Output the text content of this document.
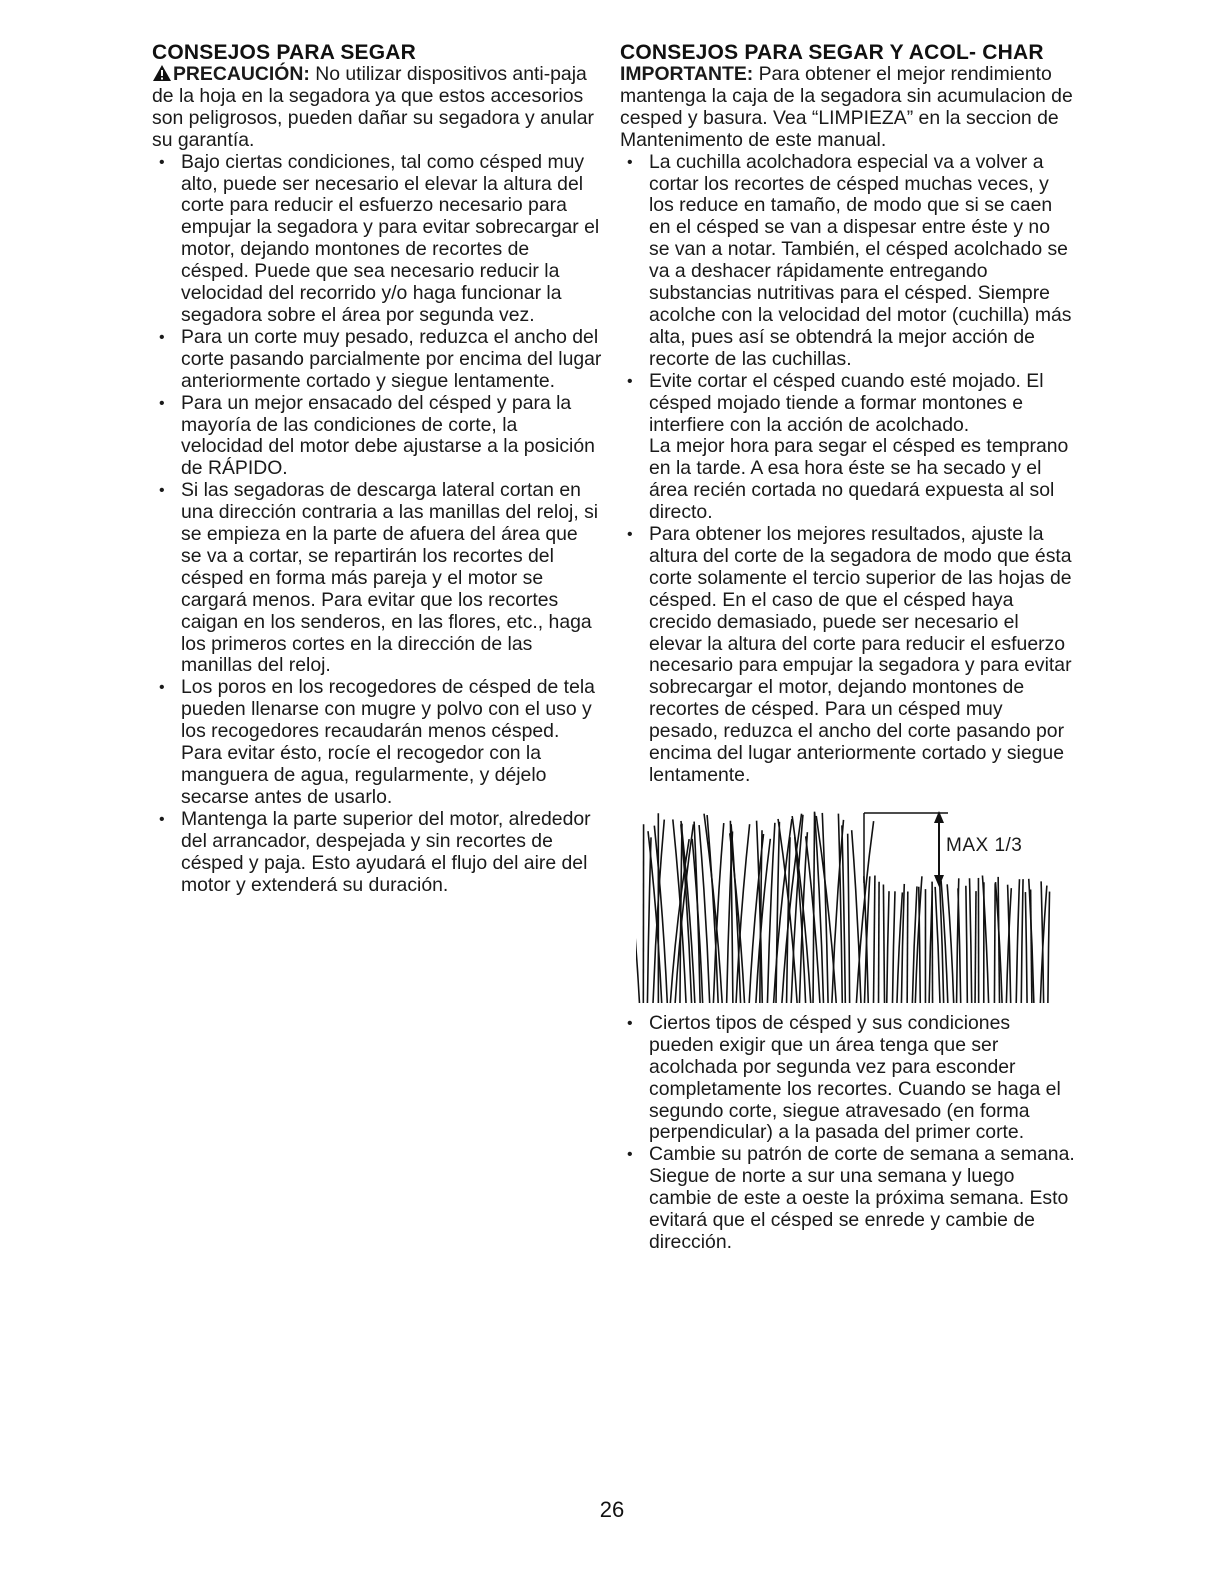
CONSEJOS PARA SEGAR

PRECAUCIÓN: No utilizar dispositivos anti-paja de la hoja en la segadora ya que estos accesorios son peligrosos, pueden dañar su segadora y anular su garantía.

• Bajo ciertas condiciones, tal como césped muy alto, puede ser necesario el elevar la altura del corte para reducir el esfuerzo necesario para empujar la segadora y para evitar sobrecargar el motor, dejando montones de recortes de césped. Puede que sea necesario reducir la velocidad del recorrido y/o haga funcionar la segadora sobre el área por segunda vez.
• Para un corte muy pesado, reduzca el ancho del corte pasando parcialmente por encima del lugar anteriormente cortado y siegue lentamente.
• Para un mejor ensacado del césped y para la mayoría de las condiciones de corte, la velocidad del motor debe ajustarse a la posición de RÁPIDO.
• Si las segadoras de descarga lateral cortan en una dirección contraria a las manillas del reloj, si se empieza en la parte de afuera del área que se va a cortar, se repartirán los recortes del césped en forma más pareja y el motor se cargará menos. Para evitar que los recortes caigan en los senderos, en las flores, etc., haga los primeros cortes en la dirección de las manillas del reloj.
• Los poros en los recogedores de césped de tela pueden llenarse con mugre y polvo con el uso y los recogedores recaudarán menos césped. Para evitar ésto, rocíe el recogedor con la manguera de agua, regularmente, y déjelo secarse antes de usarlo.
• Mantenga la parte superior del motor, alrededor del arrancador, despejada y sin recortes de césped y paja. Esto ayudará el flujo del aire del motor y extenderá su duración.
CONSEJOS PARA SEGAR Y ACOL- CHAR

IMPORTANTE: Para obtener el mejor rendimiento mantenga la caja de la segadora sin acumulacion de cesped y basura. Vea “LIMPIEZA” en la seccion de Mantenimento de este manual.

• La cuchilla acolchadora especial va a volver a cortar los recortes de césped muchas veces, y los reduce en tamaño, de modo que si se caen en el césped se van a dispesar entre éste y no se van a notar. También, el césped acolchado se va a deshacer rápidamente entregando substancias nutritivas para el césped. Siempre acolche con la velocidad del motor (cuchilla) más alta, pues así se obtendrá la mejor acción de recorte de las cuchillas.
• Evite cortar el césped cuando esté mojado. El césped mojado tiende a formar montones e interfiere con la acción de acolchado.
La mejor hora para segar el césped es temprano en la tarde. A esa hora éste se ha secado y el área recién cortada no quedará expuesta al sol directo.
• Para obtener los mejores resultados, ajuste la altura del corte de la segadora de modo que ésta corte solamente el tercio superior de las hojas de césped. En el caso de que el césped haya crecido demasiado, puede ser necesario el elevar la altura del corte para reducir el esfuerzo necesario para empujar la segadora y para evitar sobrecargar el motor, dejando montones de recortes de césped. Para un césped muy pesado, reduzca el ancho del corte pasando por encima del lugar anteriormente cortado y siegue lentamente.
MAX 1/3
• Ciertos tipos de césped y sus condiciones pueden exigir que un área tenga que ser acolchada por segunda vez para esconder completamente los recortes. Cuando se haga el segundo corte, siegue atravesado (en forma perpendicular) a la pasada del primer corte.
• Cambie su patrón de corte de semana a semana. Siegue de norte a sur una semana y luego cambie de este a oeste la próxima semana. Esto evitará que el césped se enrede y cambie de dirección.
26
